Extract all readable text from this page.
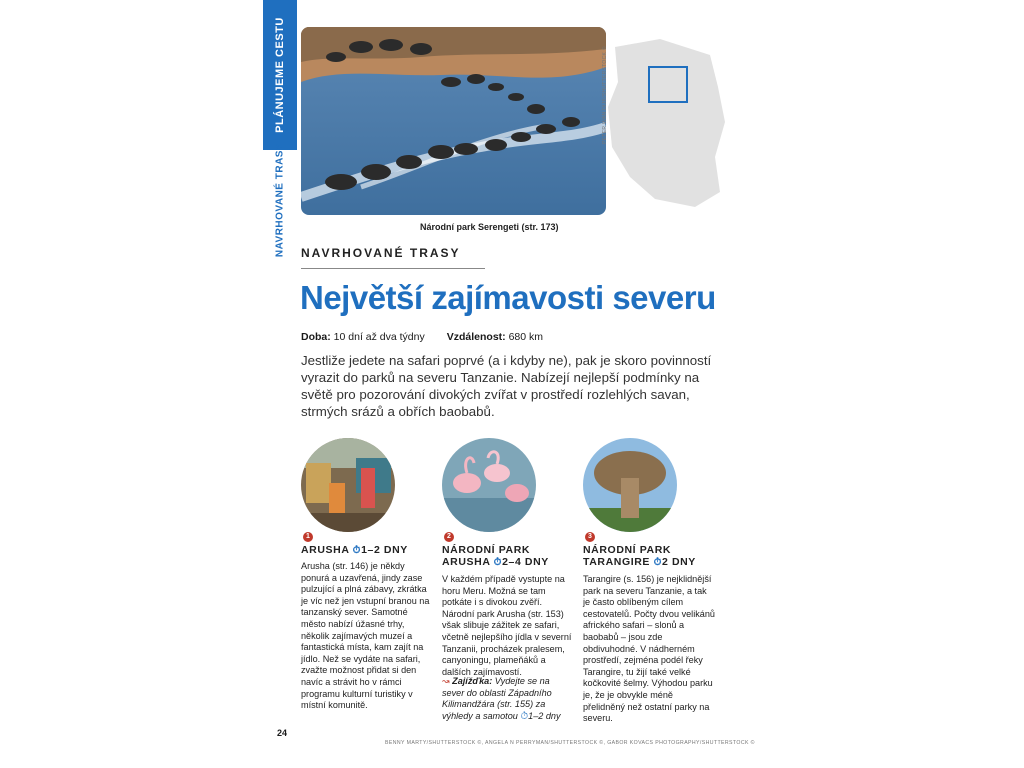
PLÁNUJEME CESTU
NAVRHOVANÉ TRASY
PETER WAN DIJK/SHUTTERSTOCK ©
Národní park Serengeti (str. 173)
NAVRHOVANÉ TRASY
Největší zajímavosti severu
Doba: 10 dní až dva týdny Vzdálenost: 680 km
Jestliže jedete na safari poprvé (a i kdyby ne), pak je skoro povinností vyrazit do parků na severu Tanzanie. Nabízejí nejlepší podmínky na světě pro pozorování divokých zvířat v prostředí rozlehlých savan, strmých srázů a obřích baobabů.
1
ARUSHA ⏱1–2 DNY
Arusha (str. 146) je někdy ponurá a uzavřená, jindy zase pulzující a plná zábavy, zkrátka je víc než jen vstupní branou na tanzanský sever. Samotné město nabízí úžasné trhy, několik zajímavých muzeí a fantastická místa, kam zajít na jídlo. Než se vydáte na safari, zvažte možnost přidat si den navíc a strávit ho v rámci programu kulturní turistiky v místní komunitě.
2
NÁRODNÍ PARK
ARUSHA ⏱2–4 DNY
V každém případě vystupte na horu Meru. Možná se tam potkáte i s divokou zvěří. Národní park Arusha (str. 153) však slibuje zážitek ze safari, včetně nejlepšího jídla v severní Tanzanii, procházek pralesem, canyoningu, plameňáků a dalších zajímavostí.
↝ Zajížďka: Vydejte se na sever do oblasti Západního Kilimandžára (str. 155) za výhledy a samotou ⏱1–2 dny
3
NÁRODNÍ PARK
TARANGIRE ⏱2 DNY
Tarangire (s. 156) je nejklidnější park na severu Tanzanie, a tak je často oblíbeným cílem cestovatelů. Počty dvou velikánů afrického safari – slonů a baobabů – jsou zde obdivuhodné. V nádherném prostředí, zejména podél řeky Tarangire, tu žijí také velké kočkovité šelmy. Výhodou parku je, že je obvykle méně přelidněný než ostatní parky na severu.
24
BENNY MARTY/SHUTTERSTOCK ©, ANGELA N PERRYMAN/SHUTTERSTOCK ©, GABOR KOVACS PHOTOGRAPHY/SHUTTERSTOCK ©
